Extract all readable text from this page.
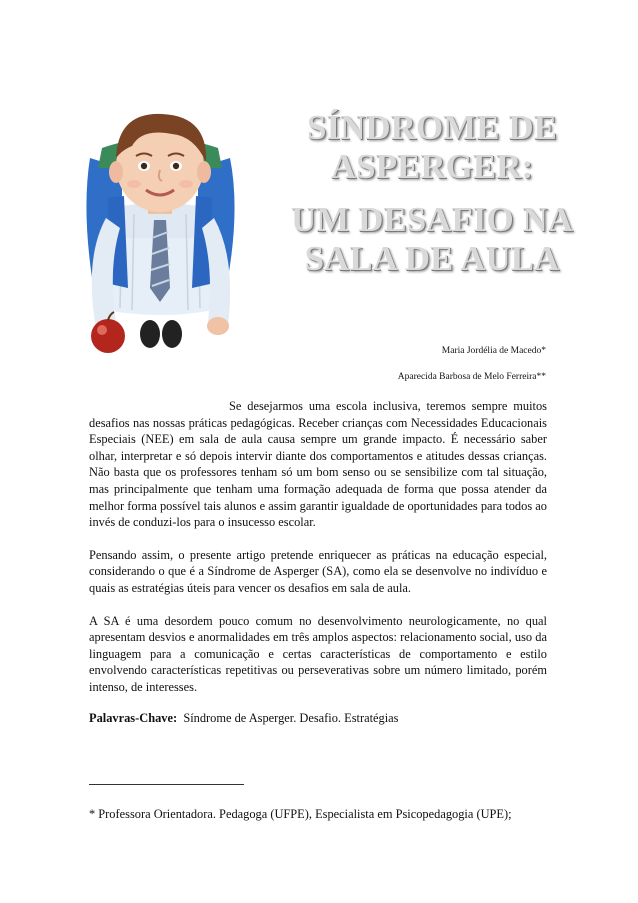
SÍNDROME DE
ASPERGER:
UM DESAFIO NA
SALA DE AULA
Maria Jordélia de Macedo*
Aparecida Barbosa de Melo Ferreira**

Se desejarmos uma escola inclusiva, teremos sempre muitos desafios nas nossas práticas pedagógicas. Receber crianças com Necessidades Educacionais Especiais (NEE) em sala de aula causa sempre um grande impacto. É necessário saber olhar, interpretar e só depois intervir diante dos comportamentos e atitudes dessas crianças. Não basta que os professores tenham só um bom senso ou se sensibilize com tal situação, mas principalmente que tenham uma formação adequada de forma que possa atender da melhor forma possível tais alunos e assim garantir igualdade de oportunidades para todos ao invés de conduzi-los para o insucesso escolar.

Pensando assim, o presente artigo pretende enriquecer as práticas na educação especial, considerando o que é a Síndrome de Asperger (SA), como ela se desenvolve no indivíduo e quais as estratégias úteis para vencer os desafios em sala de aula.

A SA é uma desordem pouco comum no desenvolvimento neurologicamente, no qual apresentam desvios e anormalidades em três amplos aspectos: relacionamento social, uso da linguagem para a comunicação e certas características de comportamento e estilo envolvendo características repetitivas ou perseverativas sobre um número limitado, porém intenso, de interesses.

Palavras-Chave: Síndrome de Asperger. Desafio. Estratégias
* Professora Orientadora. Pedagoga (UFPE), Especialista em Psicopedagogia (UPE);
